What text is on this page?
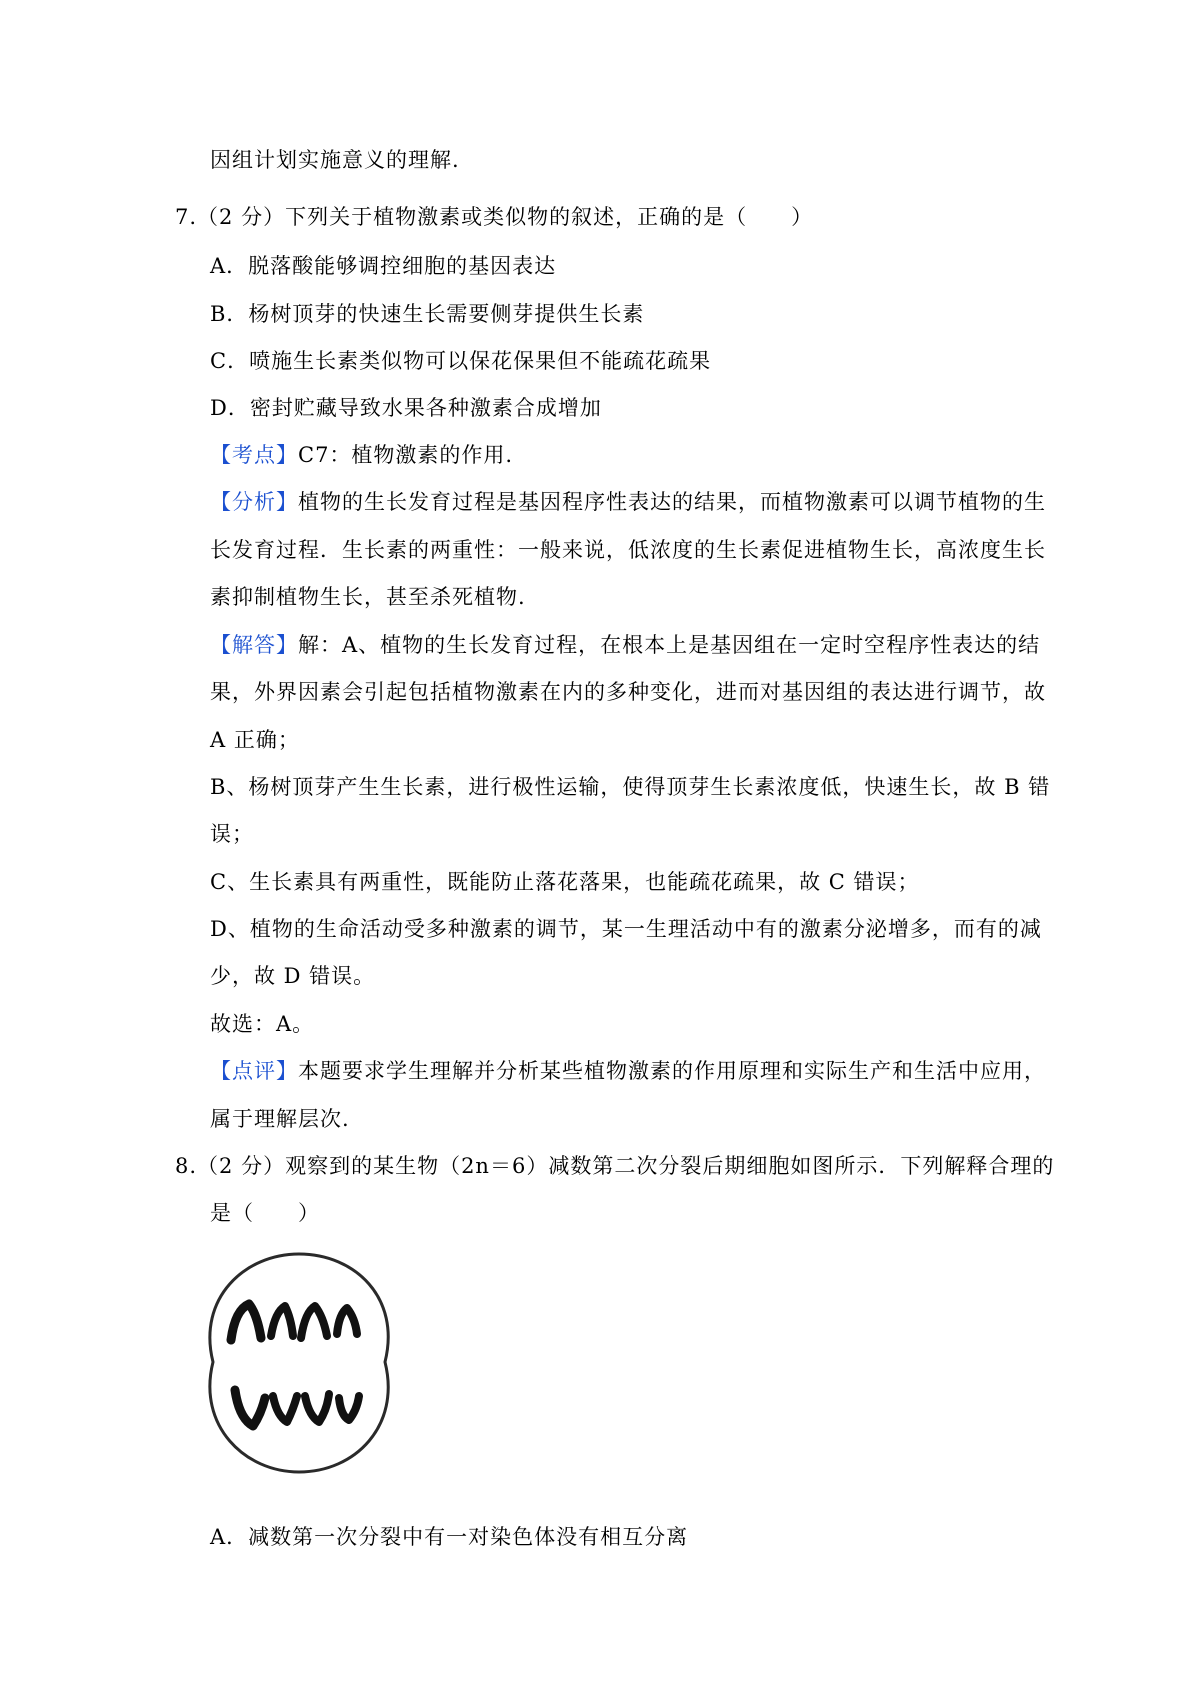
因组计划实施意义的理解.
7.（2 分）下列关于植物激素或类似物的叙述，正确的是（　　）
A．脱落酸能够调控细胞的基因表达
B．杨树顶芽的快速生长需要侧芽提供生长素
C．喷施生长素类似物可以保花保果但不能疏花疏果
D．密封贮藏导致水果各种激素合成增加
【考点】C7：植物激素的作用.
【分析】植物的生长发育过程是基因程序性表达的结果，而植物激素可以调节植物的生
长发育过程．生长素的两重性：一般来说，低浓度的生长素促进植物生长，高浓度生长
素抑制植物生长，甚至杀死植物.
【解答】解：A、植物的生长发育过程，在根本上是基因组在一定时空程序性表达的结
果，外界因素会引起包括植物激素在内的多种变化，进而对基因组的表达进行调节，故
A 正确；
B、杨树顶芽产生生长素，进行极性运输，使得顶芽生长素浓度低，快速生长，故 B 错
误；
C、生长素具有两重性，既能防止落花落果，也能疏花疏果，故 C 错误；
D、植物的生命活动受多种激素的调节，某一生理活动中有的激素分泌增多，而有的减
少，故 D 错误。
故选：A。
【点评】本题要求学生理解并分析某些植物激素的作用原理和实际生产和生活中应用，
属于理解层次.
8.（2 分）观察到的某生物（2n＝6）减数第二次分裂后期细胞如图所示．下列解释合理的
是（　　）
A．减数第一次分裂中有一对染色体没有相互分离
